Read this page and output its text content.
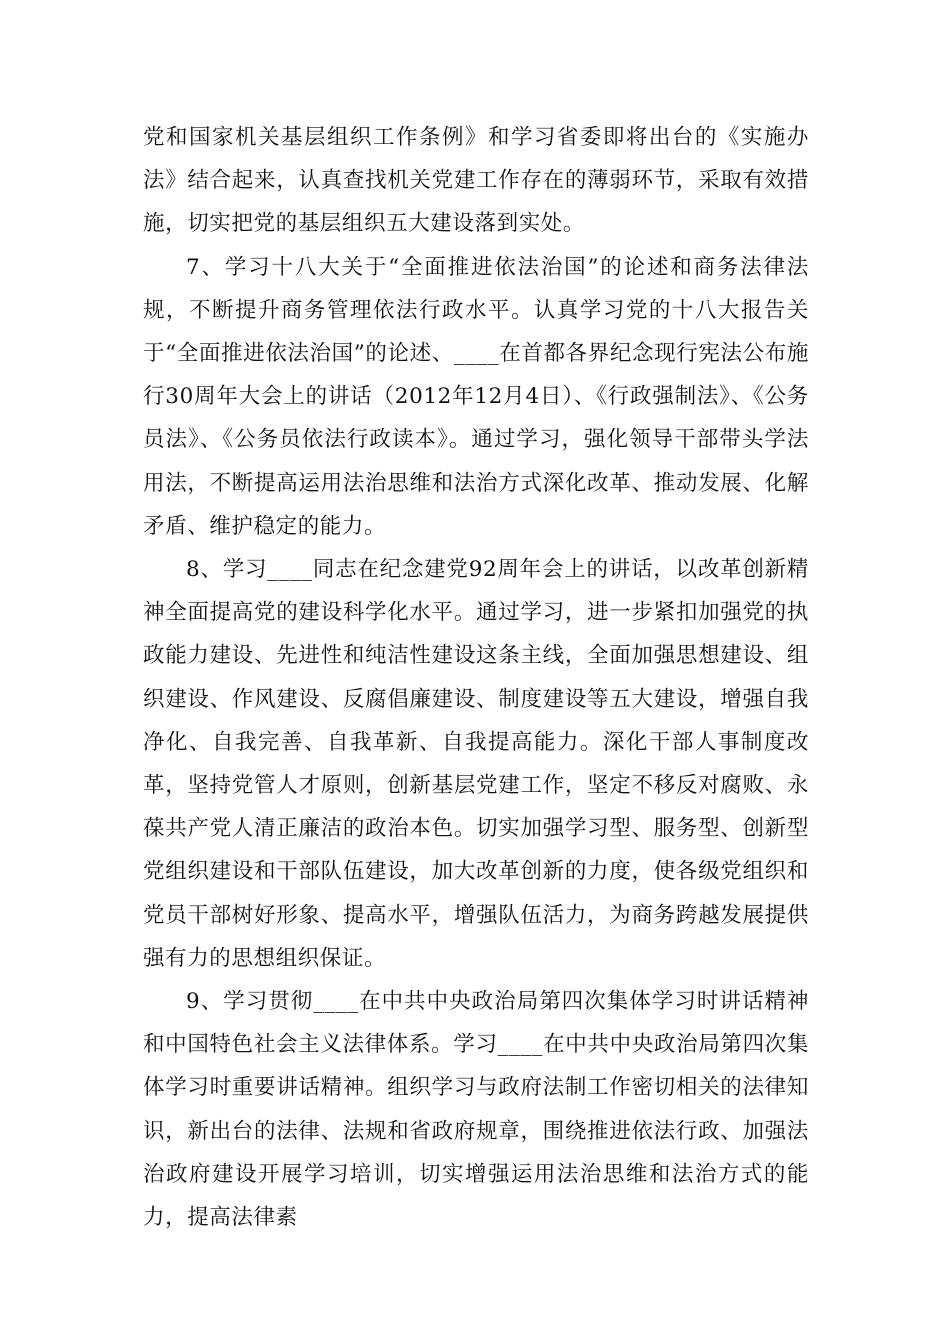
党和国家机关基层组织工作条例》和学习省委即将出台的《实施办法》结合起来，认真查找机关党建工作存在的薄弱环节，采取有效措施，切实把党的基层组织五大建设落到实处。

7、学习十八大关于“全面推进依法治国”的论述和商务法律法规，不断提升商务管理依法行政水平。认真学习党的十八大报告关于“全面推进依法治国”的论述、____在首都各界纪念现行宪法公布施行30周年大会上的讲话（2012年12月4日）、《行政强制法》、《公务员法》、《公务员依法行政读本》。通过学习，强化领导干部带头学法用法，不断提高运用法治思维和法治方式深化改革、推动发展、化解矛盾、维护稳定的能力。

8、学习____同志在纪念建党92周年会上的讲话，以改革创新精神全面提高党的建设科学化水平。通过学习，进一步紧扣加强党的执政能力建设、先进性和纯洁性建设这条主线，全面加强思想建设、组织建设、作风建设、反腐倡廉建设、制度建设等五大建设，增强自我净化、自我完善、自我革新、自我提高能力。深化干部人事制度改革，坚持党管人才原则，创新基层党建工作，坚定不移反对腐败、永葆共产党人清正廉洁的政治本色。切实加强学习型、服务型、创新型党组织建设和干部队伍建设，加大改革创新的力度，使各级党组织和党员干部树好形象、提高水平，增强队伍活力，为商务跨越发展提供强有力的思想组织保证。

9、学习贯彻____在中共中央政治局第四次集体学习时讲话精神和中国特色社会主义法律体系。学习____在中共中央政治局第四次集体学习时重要讲话精神。组织学习与政府法制工作密切相关的法律知识，新出台的法律、法规和省政府规章，围绕推进依法行政、加强法治政府建设开展学习培训，切实增强运用法治思维和法治方式的能力，提高法律素
